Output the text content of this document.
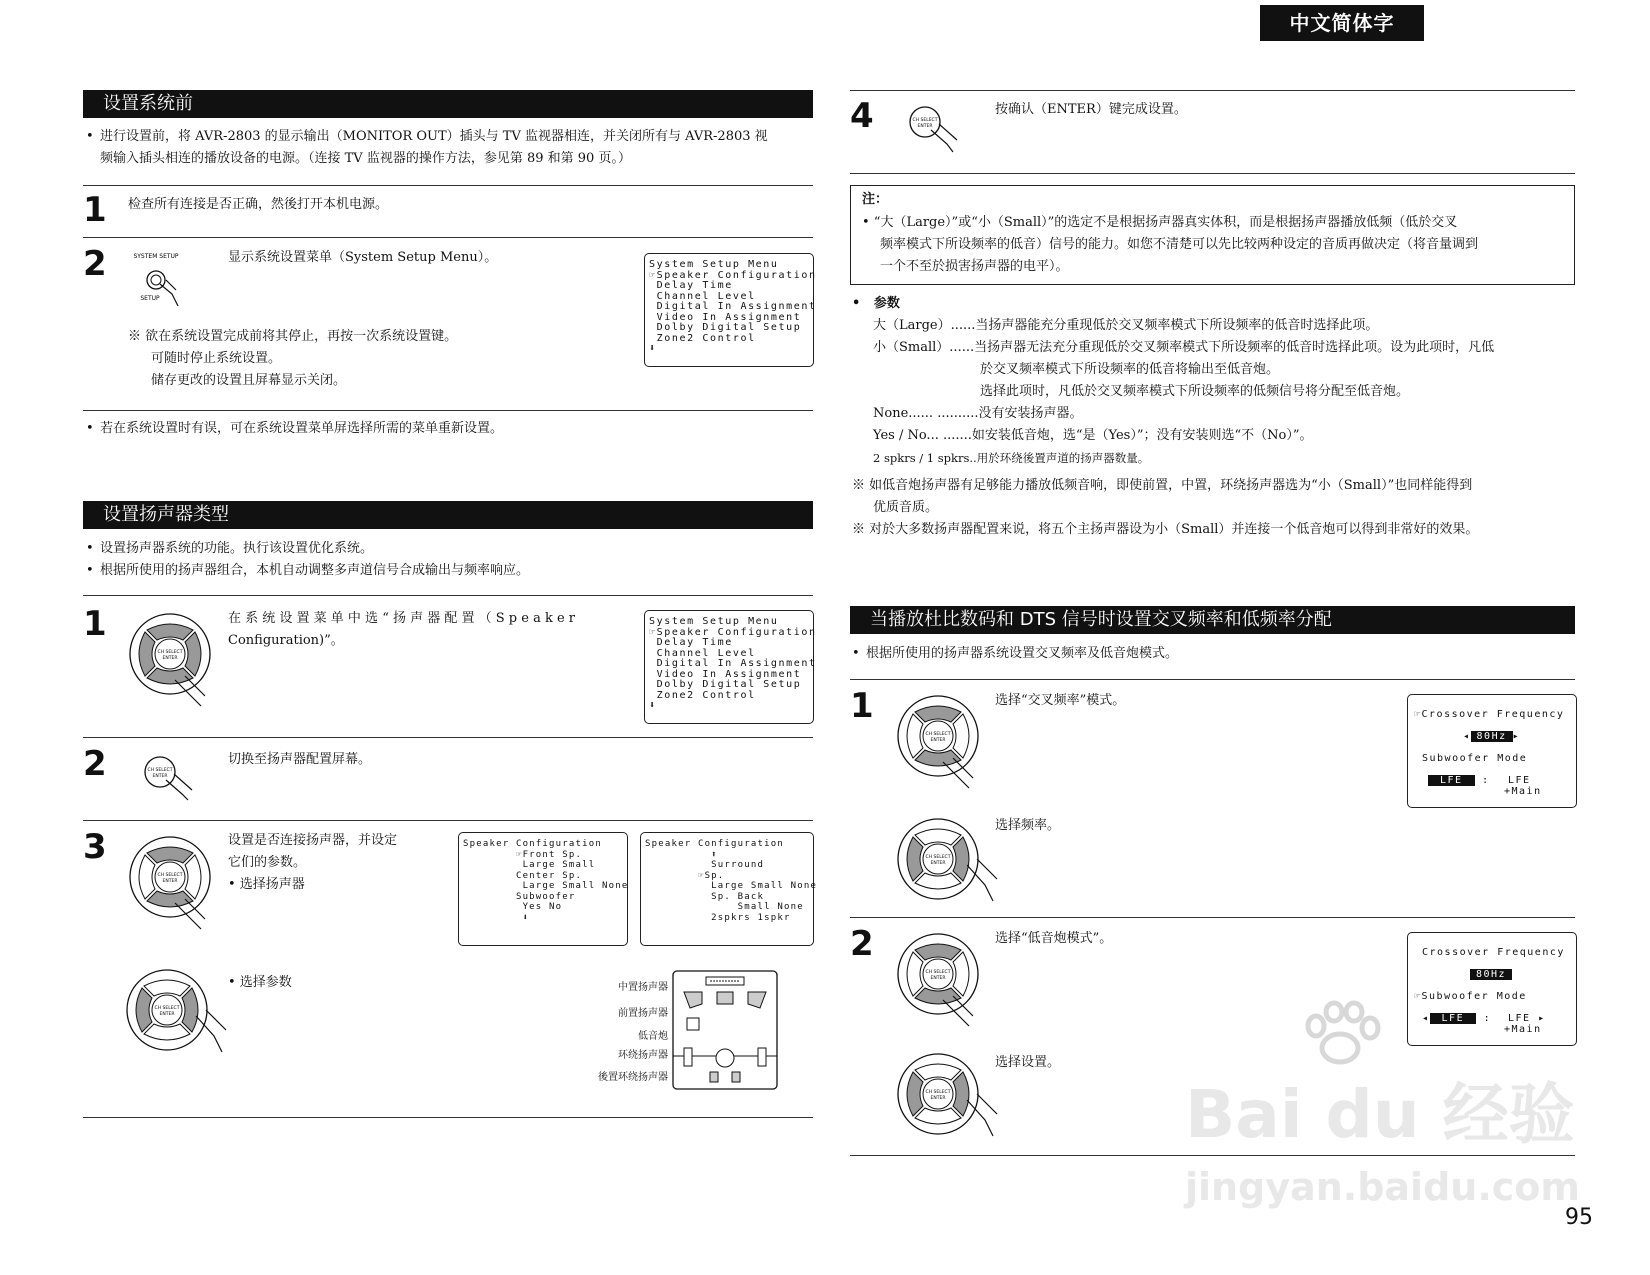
中文简体字
设置系统前
• 进行设置前，将 AVR-2803 的显示输出（MONITOR OUT）插头与 TV 监视器相连，并关闭所有与 AVR-2803 视
频输入插头相连的播放设备的电源。（连接 TV 监视器的操作方法，参见第 89 和第 90 页。）
1 检查所有连接是否正确，然後打开本机电源。
2	SYSTEM SETUP
SETUP
显示系统设置菜单（System Setup Menu）。
※ 欲在系统设置完成前将其停止，再按一次系统设置键。
可随时停止系统设置。
储存更改的设置且屏幕显示关闭。
System Setup Menu
☞Speaker Configuration
Delay Time
Channel Level
Digital In Assignment
Video In Assignment
Dolby Digital Setup
Zone2 Control
⬇
• 若在系统设置时有误，可在系统设置菜单屏选择所需的菜单重新设置。
设置扬声器类型
• 设置扬声器系统的功能。执行该设置优化系统。
• 根据所使用的扬声器组合，本机自动调整多声道信号合成输出与频率响应。
1
CH SELECT
ENTER
在 系 统 设 置 菜 单 中 选 “ 扬 声 器 配 置 （ S p e a k e r
Configuration)”。
System Setup Menu
☞Speaker Configuration
Delay Time
Channel Level
Digital In Assignment
Video In Assignment
Dolby Digital Setup
Zone2 Control
⬇
2	CH SELECT
ENTER
切换至扬声器配置屏幕。
3
CH SELECT
ENTER
设置是否连接扬声器，并设定
它们的参数。
• 选择扬声器
Speaker Configuration
☞Front Sp.
Large Small
Center Sp.
Large Small None
Subwoofer
Yes No
⬇
Speaker Configuration
⬆
Surround
☞Sp.
Large Small None
Sp. Back
Small None
2spkrs 1spkr
• 选择参数
CH SELECT
ENTER
中置扬声器
前置扬声器
低音炮
环绕扬声器
後置环绕扬声器
4	CH SELECT
ENTER
按确认（ENTER）键完成设置。
注：
• “大（Large）”或“小（Small）”的选定不是根据扬声器真实体积，而是根据扬声器播放低频（低於交叉
频率模式下所设频率的低音）信号的能力。如您不清楚可以先比较两种设定的音质再做决定（将音量调到
一个不至於损害扬声器的电平）。
•   参数
大（Large）......当扬声器能充分重现低於交叉频率模式下所设频率的低音时选择此项。
小（Small）......当扬声器无法充分重现低於交叉频率模式下所设频率的低音时选择此项。设为此项时，凡低
於交叉频率模式下所设频率的低音将输出至低音炮。
选择此项时，凡低於交叉频率模式下所设频率的低频信号将分配至低音炮。
None...... ..........没有安装扬声器。
Yes / No... .......如安装低音炮，选“是（Yes）”；没有安装则选“不（No）”。
2 spkrs / 1 spkrs..用於环绕後置声道的扬声器数量。
※ 如低音炮扬声器有足够能力播放低频音响，即使前置，中置，环绕扬声器选为“小（Small）”也同样能得到
优质音质。
※ 对於大多数扬声器配置来说，将五个主扬声器设为小（Small）并连接一个低音炮可以得到非常好的效果。
当播放杜比数码和 DTS 信号时设置交叉频率和低频率分配
• 根据所使用的扬声器系统设置交叉频率及低音炮模式。
1
CH SELECT
ENTER
选择“交叉频率”模式。
☞Crossover Frequency
◂ 80Hz ▸
Subwoofer Mode
LFE : LFE
+Main
CH SELECT
ENTER
选择频率。
2
CH SELECT
ENTER
选择“低音炮模式”。
Crossover Frequency
80Hz
☞Subwoofer Mode
◂ LFE : LFE ▸
+Main
CH SELECT
ENTER
选择设置。
Bai du 经验
jingyan.baidu.com
95
